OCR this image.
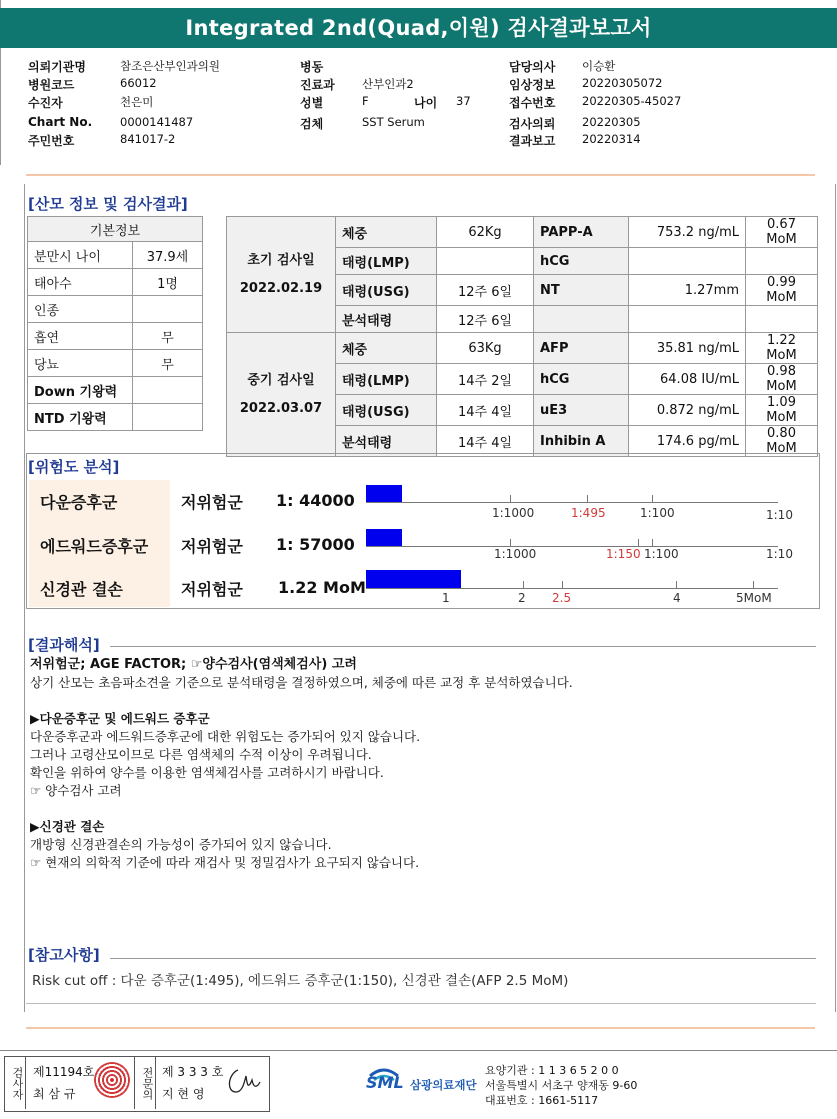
Integrated 2nd(Quad,이원) 검사결과보고서
의뢰기관명	참조은산부인과의원
병원코드	66012
수진자	천은미
Chart No.	0000141487
주민번호	841017-2
병동
진료과	산부인과2
성별	F	나이	37
검체	SST Serum
담당의사	이승환
임상정보	20220305072
접수번호	20220305-45027
검사의뢰	20220305
결과보고	20220314
[산모 정보 및 검사결과]
기본정보	
분만시 나이	37.9세
태아수	1명
인종	
흡연	무
당뇨	무
Down 기왕력	
NTD 기왕력	
초기 검사일
2022.02.19	체중	62Kg	PAPP-A	753.2 ng/mL	0.67 MoM
	태령(LMP)		hCG		
	태령(USG)	12주 6일	NT	1.27mm	0.99 MoM
	분석태령	12주 6일			

중기 검사일
2022.03.07	체중	63Kg	AFP	35.81 ng/mL	1.22 MoM
	태령(LMP)	14주 2일	hCG	64.08 IU/mL	0.98 MoM
	태령(USG)	14주 4일	uE3	0.872 ng/mL	1.09 MoM
	분석태령	14주 4일	Inhibin A	174.6 pg/mL	0.80 MoM
[위험도 분석]
다운증후군	저위험군 1: 44000
1:1000	1:495	1:100	1:10
에드워드증후군 저위험군 1: 57000	1:1000	1:150 1:100	1:10
신경관 결손	저위험군 1.22 MoM
1	2 2.5	4	5MoM
[결과해석]
저위험군; AGE FACTOR; ☞양수검사(염색체검사) 고려
상기 산모는 초음파소견을 기준으로 분석태령을 결정하였으며, 체중에 따른 교정 후 분석하였습니다.
▶다운증후군 및 에드워드 증후군
다운증후군과 에드워드증후군에 대한 위험도는 증가되어 있지 않습니다.
그러나 고령산모이므로 다른 염색체의 수적 이상이 우려됩니다.
확인을 위하여 양수를 이용한 염색체검사를 고려하시기 바랍니다.
☞ 양수검사 고려
▶신경관 결손
개방형 신경관결손의 가능성이 증가되어 있지 않습니다.
☞ 현재의 의학적 기준에 따라 재검사 및 정밀검사가 요구되지 않습니다.
[참고사항]
Risk cut off : 다운 증후군(1:495), 에드워드 증후군(1:150), 신경관 결손(AFP 2.5 MoM)
검사자 제11194호
최 삼 규	전문의 제 3 3 3 호
지 현 영
SML 삼광의료재단
요양기관 : 1 1 3 6 5 2 0 0
서울특별시 서초구 양재동 9-60
대표번호 : 1661-5117
